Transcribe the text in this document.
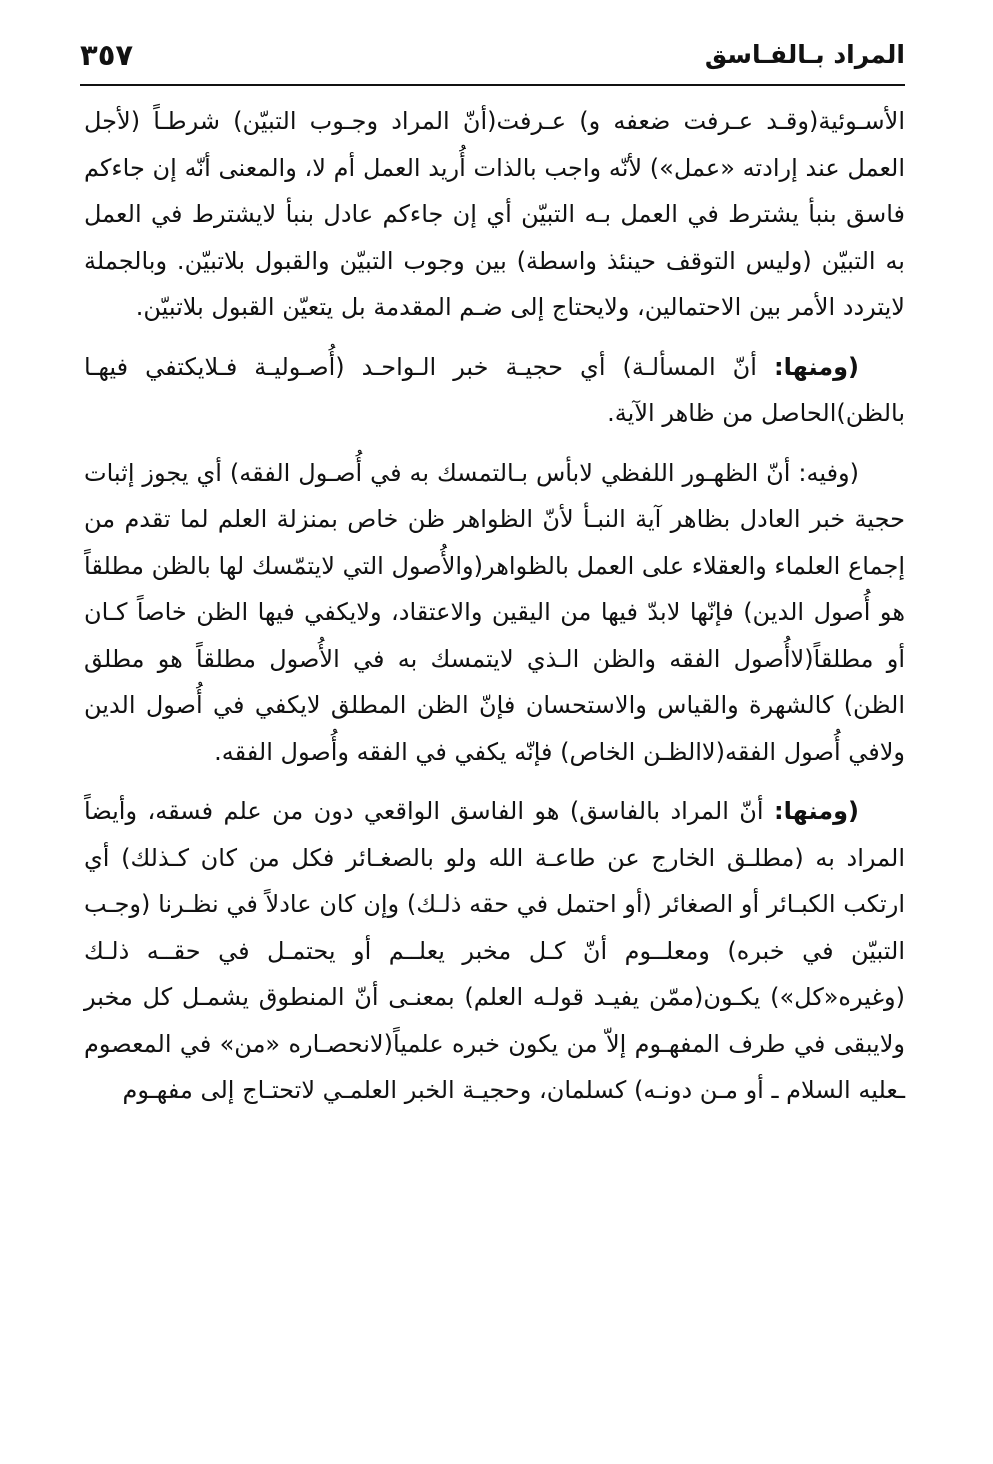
المراد بـالفـاسق
٣٥٧

الأسـوئية(وقـد عـرفت ضعفه و) عـرفت(أنّ المراد وجـوب التبيّن) شرطـاً (لأجل العمل عند إرادته «عمل») لأنّه واجب بالذات أُريد العمل أم لا، والمعنى أنّه إن جاءكم فاسق بنبأ يشترط في العمل بـه التبيّن أي إن جاءكم عادل بنبأ لايشترط في العمل به التبيّن (وليس التوقف حينئذ واسطة) بين وجوب التبيّن والقبول بلاتبيّن. وبالجملة لايتردد الأمر بين الاحتمالين، ولايحتاج إلى ضـم المقدمة بل يتعيّن القبول بلاتبيّن.

(ومنها: أنّ المسألـة) أي حجيـة خبر الـواحـد (أُصـوليـة فـلايكتفي فيهـا بالظن)الحاصل من ظاهر الآية.

(وفيه: أنّ الظهـور اللفظي لابأس بـالتمسك به في أُصـول الفقه) أي يجوز إثبات حجية خبر العادل بظاهر آية النبـأ لأنّ الظواهر ظن خاص بمنزلة العلم لما تقدم من إجماع العلماء والعقلاء على العمل بالظواهر(والأُصول التي لايتمّسك لها بالظن مطلقاً هو أُصول الدين) فإنّها لابدّ فيها من اليقين والاعتقاد، ولايكفي فيها الظن خاصاً كـان أو مطلقاً(لاأُصول الفقه والظن الـذي لايتمسك به في الأُصول مطلقاً هو مطلق الظن) كالشهرة والقياس والاستحسان فإنّ الظن المطلق لايكفي في أُصول الدين ولافي أُصول الفقه(لاالظـن الخاص) فإنّه يكفي في الفقه وأُصول الفقه.

(ومنها: أنّ المراد بالفاسق) هو الفاسق الواقعي دون من علم فسقه، وأيضاً المراد به (مطلـق الخارج عن طاعـة الله ولو بالصغـائر فكل من كان كـذلك) أي ارتكب الكبـائر أو الصغائر (أو احتمل في حقه ذلـك) وإن كان عادلاً في نظـرنا (وجـب التبيّن في خبره) ومعلــوم أنّ كـل مخبر يعلــم أو يحتمـل في حقــه ذلـك (وغيره«كل») يكـون(ممّن يفيـد قولـه العلم) بمعنـى أنّ المنطوق يشمـل كل مخبر ولايبقى في طرف المفهـوم إلاّ من يكون خبره علمياً(لانحصـاره «من» في المعصوم ـعليه السلام ـ أو مـن دونـه) كسلمان، وحجيـة الخبر العلمـي لاتحتـاج إلى مفهـوم
